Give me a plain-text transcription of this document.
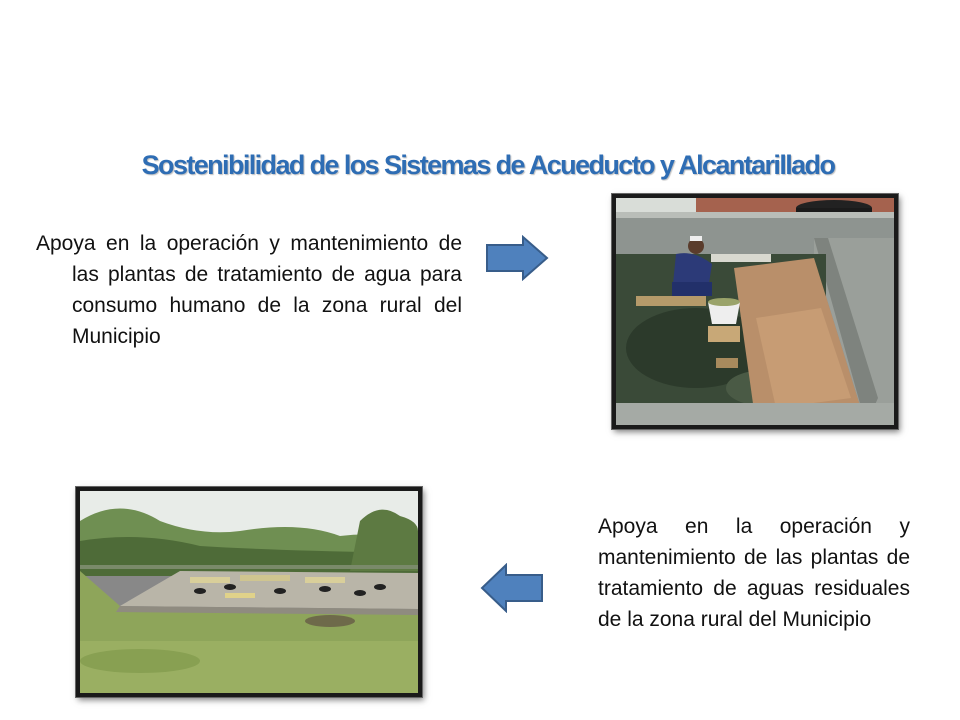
Sostenibilidad de los Sistemas de Acueducto y Alcantarillado
Apoya en la operación y mantenimiento de las plantas de tratamiento de agua para consumo humano de la zona rural del Municipio
Apoya en la operación y mantenimiento de las plantas de tratamiento de aguas residuales de la zona rural del Municipio
